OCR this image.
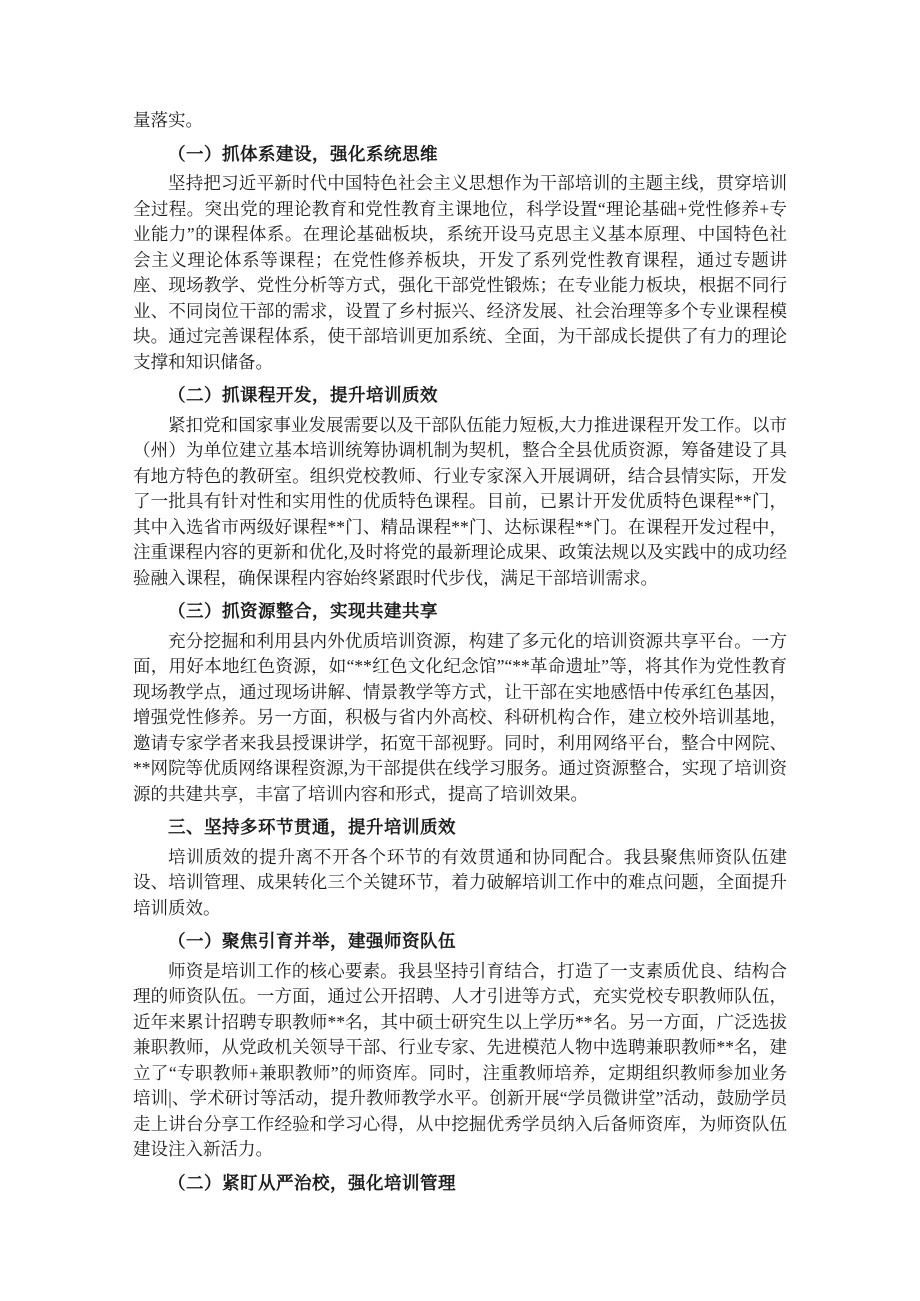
量落实。

（一）抓体系建设，强化系统思维

坚持把习近平新时代中国特色社会主义思想作为干部培训的主题主线，贯穿培训全过程。突出党的理论教育和党性教育主课地位，科学设置“理论基础+党性修养+专业能力”的课程体系。在理论基础板块，系统开设马克思主义基本原理、中国特色社会主义理论体系等课程；在党性修养板块，开发了系列党性教育课程，通过专题讲座、现场教学、党性分析等方式，强化干部党性锻炼；在专业能力板块，根据不同行业、不同岗位干部的需求，设置了乡村振兴、经济发展、社会治理等多个专业课程模块。通过完善课程体系，使干部培训更加系统、全面，为干部成长提供了有力的理论支撑和知识储备。

（二）抓课程开发，提升培训质效

紧扣党和国家事业发展需要以及干部队伍能力短板,大力推进课程开发工作。以市（州）为单位建立基本培训统筹协调机制为契机，整合全县优质资源，筹备建设了具有地方特色的教研室。组织党校教师、行业专家深入开展调研，结合县情实际，开发了一批具有针对性和实用性的优质特色课程。目前，已累计开发优质特色课程**门，其中入选省市两级好课程**门、精品课程**门、达标课程**门。在课程开发过程中，注重课程内容的更新和优化,及时将党的最新理论成果、政策法规以及实践中的成功经验融入课程，确保课程内容始终紧跟时代步伐，满足干部培训需求。

（三）抓资源整合，实现共建共享

充分挖掘和利用县内外优质培训资源，构建了多元化的培训资源共享平台。一方面，用好本地红色资源，如“**红色文化纪念馆”“**革命遗址”等，将其作为党性教育现场教学点，通过现场讲解、情景教学等方式，让干部在实地感悟中传承红色基因，增强党性修养。另一方面，积极与省内外高校、科研机构合作，建立校外培训基地，邀请专家学者来我县授课讲学，拓宽干部视野。同时，利用网络平台，整合中网院、**网院等优质网络课程资源,为干部提供在线学习服务。通过资源整合，实现了培训资源的共建共享，丰富了培训内容和形式，提高了培训效果。

三、坚持多环节贯通，提升培训质效

培训质效的提升离不开各个环节的有效贯通和协同配合。我县聚焦师资队伍建设、培训管理、成果转化三个关键环节，着力破解培训工作中的难点问题，全面提升培训质效。

（一）聚焦引育并举，建强师资队伍

师资是培训工作的核心要素。我县坚持引育结合，打造了一支素质优良、结构合理的师资队伍。一方面，通过公开招聘、人才引进等方式，充实党校专职教师队伍，近年来累计招聘专职教师**名，其中硕士研究生以上学历**名。另一方面，广泛选拔兼职教师，从党政机关领导干部、行业专家、先进模范人物中选聘兼职教师**名，建立了“专职教师+兼职教师”的师资库。同时，注重教师培养，定期组织教师参加业务培训|、学术研讨等活动，提升教师教学水平。创新开展“学员微讲堂”活动，鼓励学员走上讲台分享工作经验和学习心得，从中挖掘优秀学员纳入后备师资库，为师资队伍建设注入新活力。

（二）紧盯从严治校，强化培训管理
